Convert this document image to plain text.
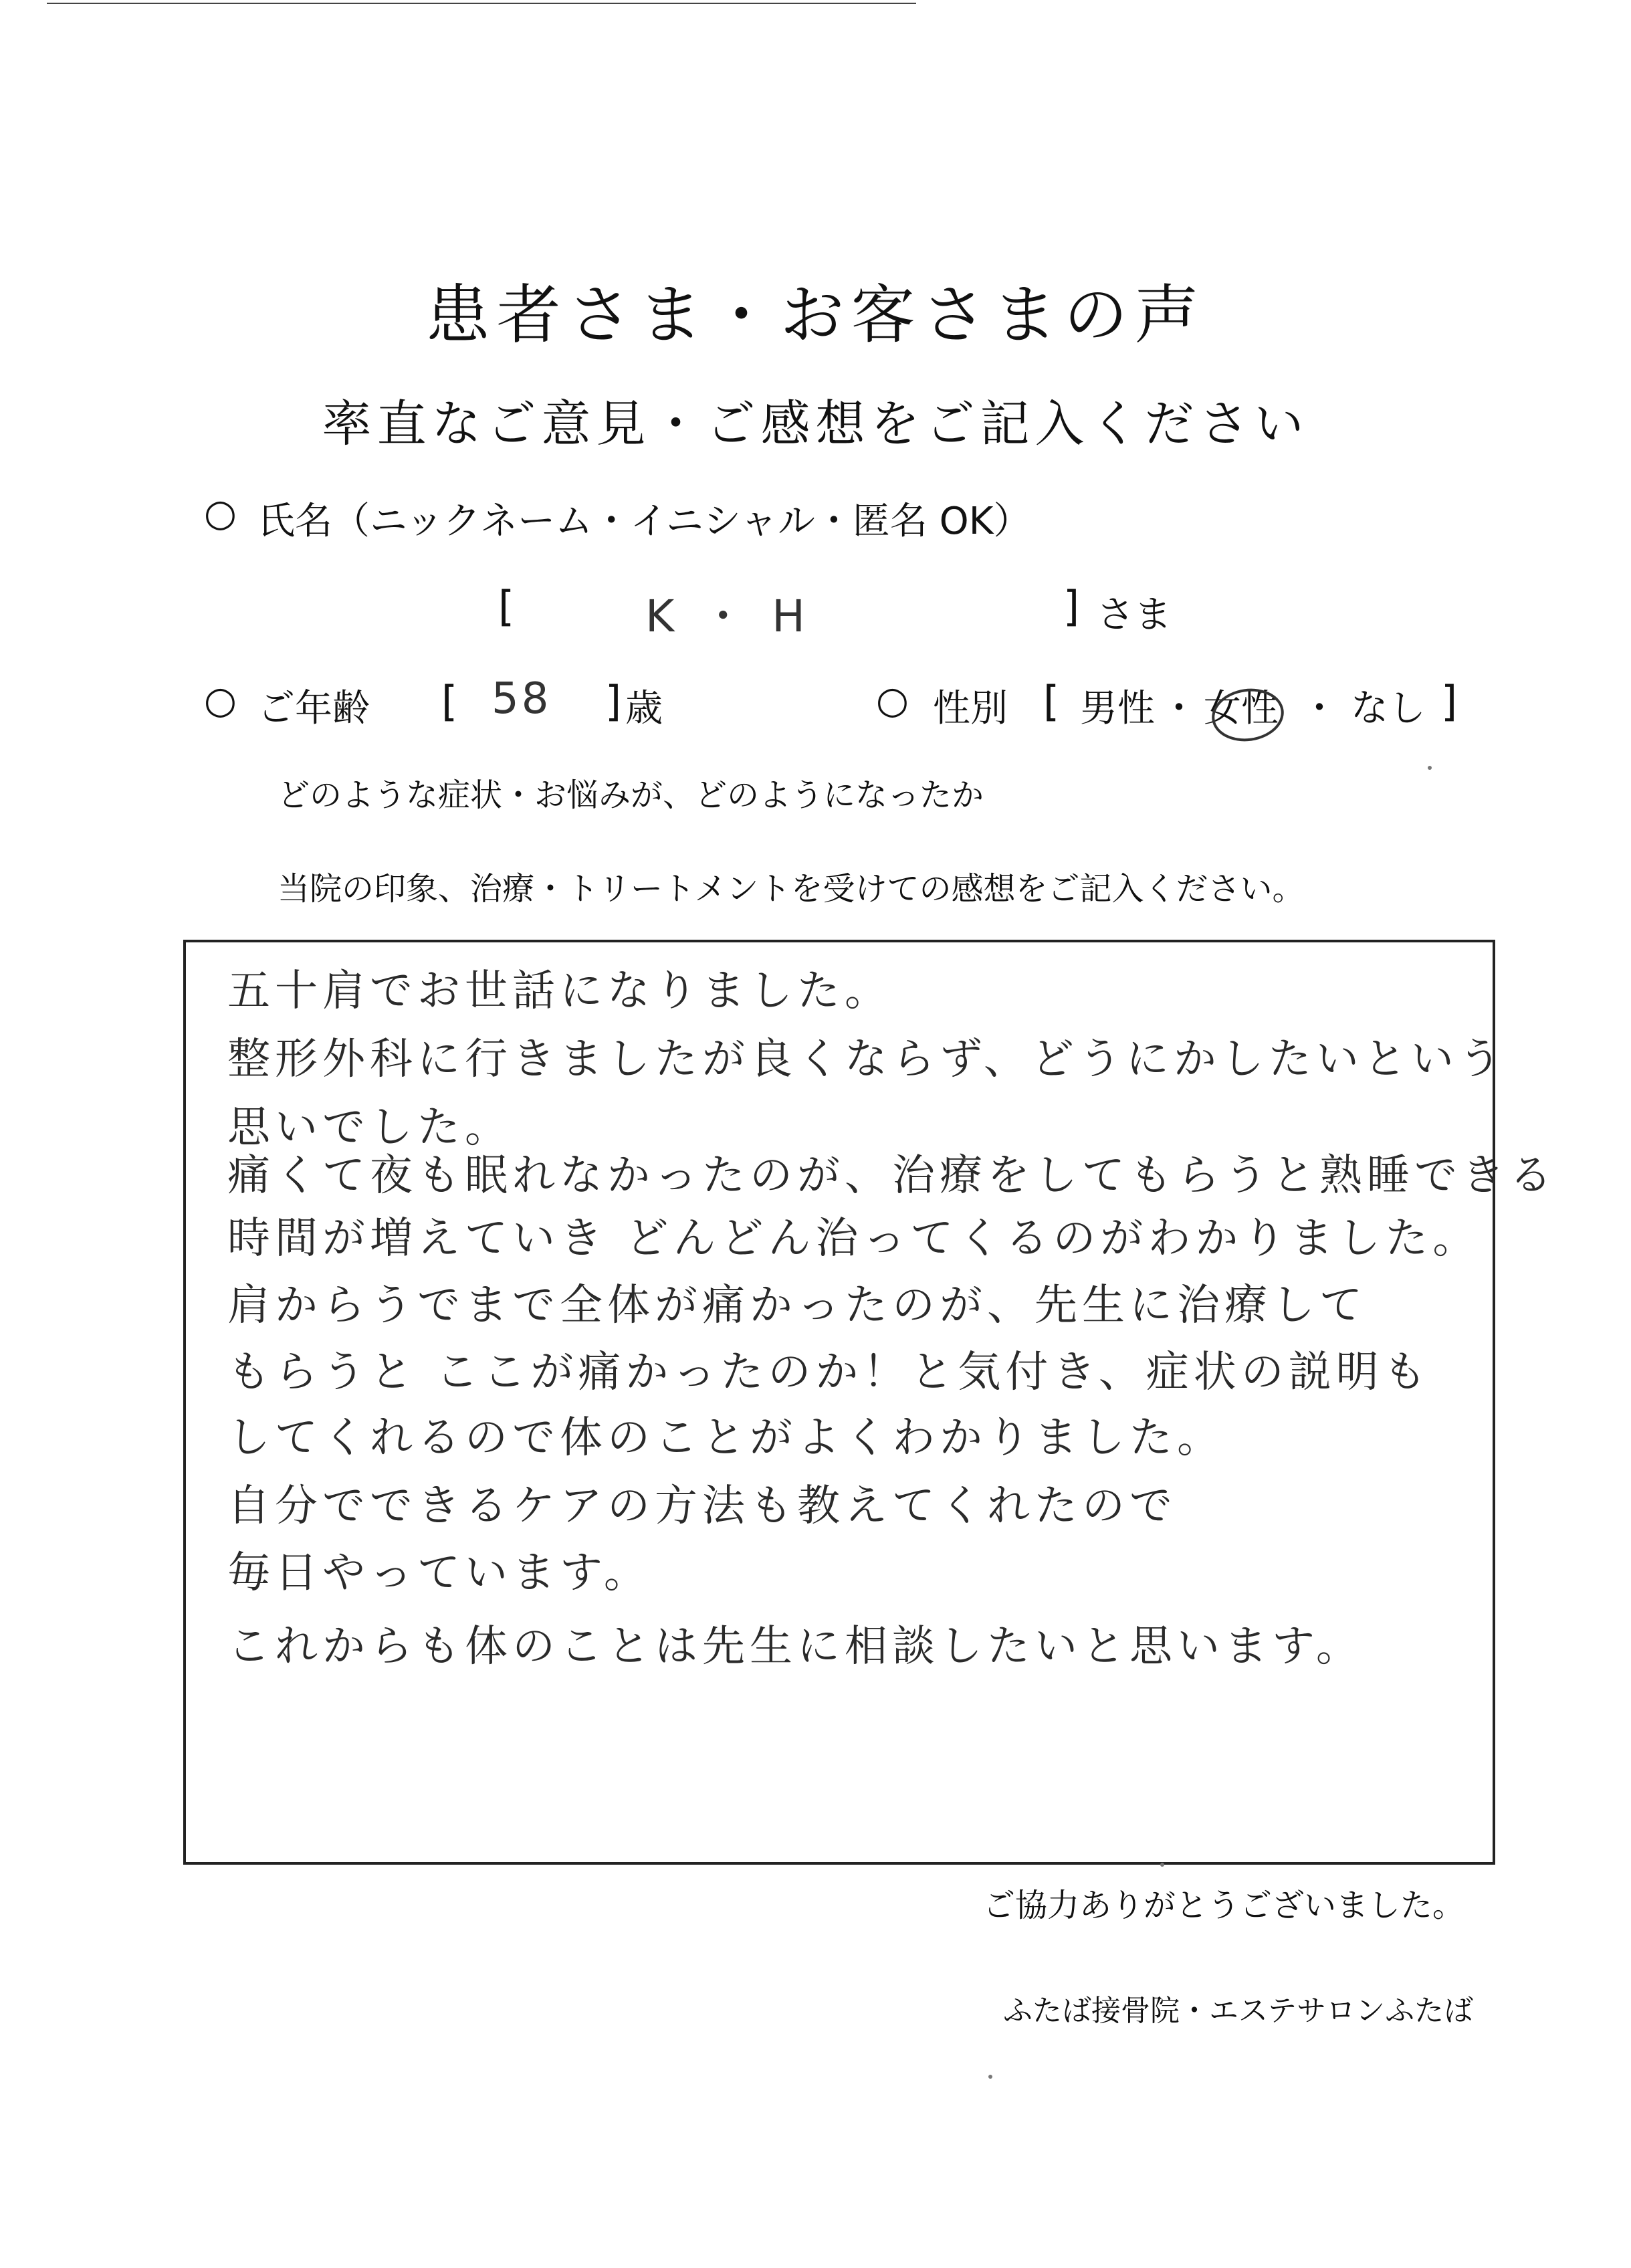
患者さま・お客さまの声
率直なご意見・ご感想をご記入ください
○ 氏名（ニックネーム・イニシャル・匿名 OK）
[	K・H	] さま
○ ご年齢 [ 58 ] 歳	○ 性別 [ 男性 ・ 女性 ・ なし ]
どのような症状・お悩みが、どのようになったか
当院の印象、治療・トリートメントを受けての感想をご記入ください。
五十肩でお世話になりました。
整形外科に行きましたが良くならず、どうにかしたいという
思いでした。
痛くて夜も眠れなかったのが、治療をしてもらうと熟睡できる
時間が増えていき どんどん治ってくるのがわかりました。
肩からうでまで全体が痛かったのが、先生に治療して
もらうと ここが痛かったのか！と気付き、症状の説明も
してくれるので体のことがよくわかりました。
自分でできるケアの方法も教えてくれたので
毎日やっています。
これからも体のことは先生に相談したいと思います。
ご協力ありがとうございました。
ふたば接骨院・エステサロンふたば
